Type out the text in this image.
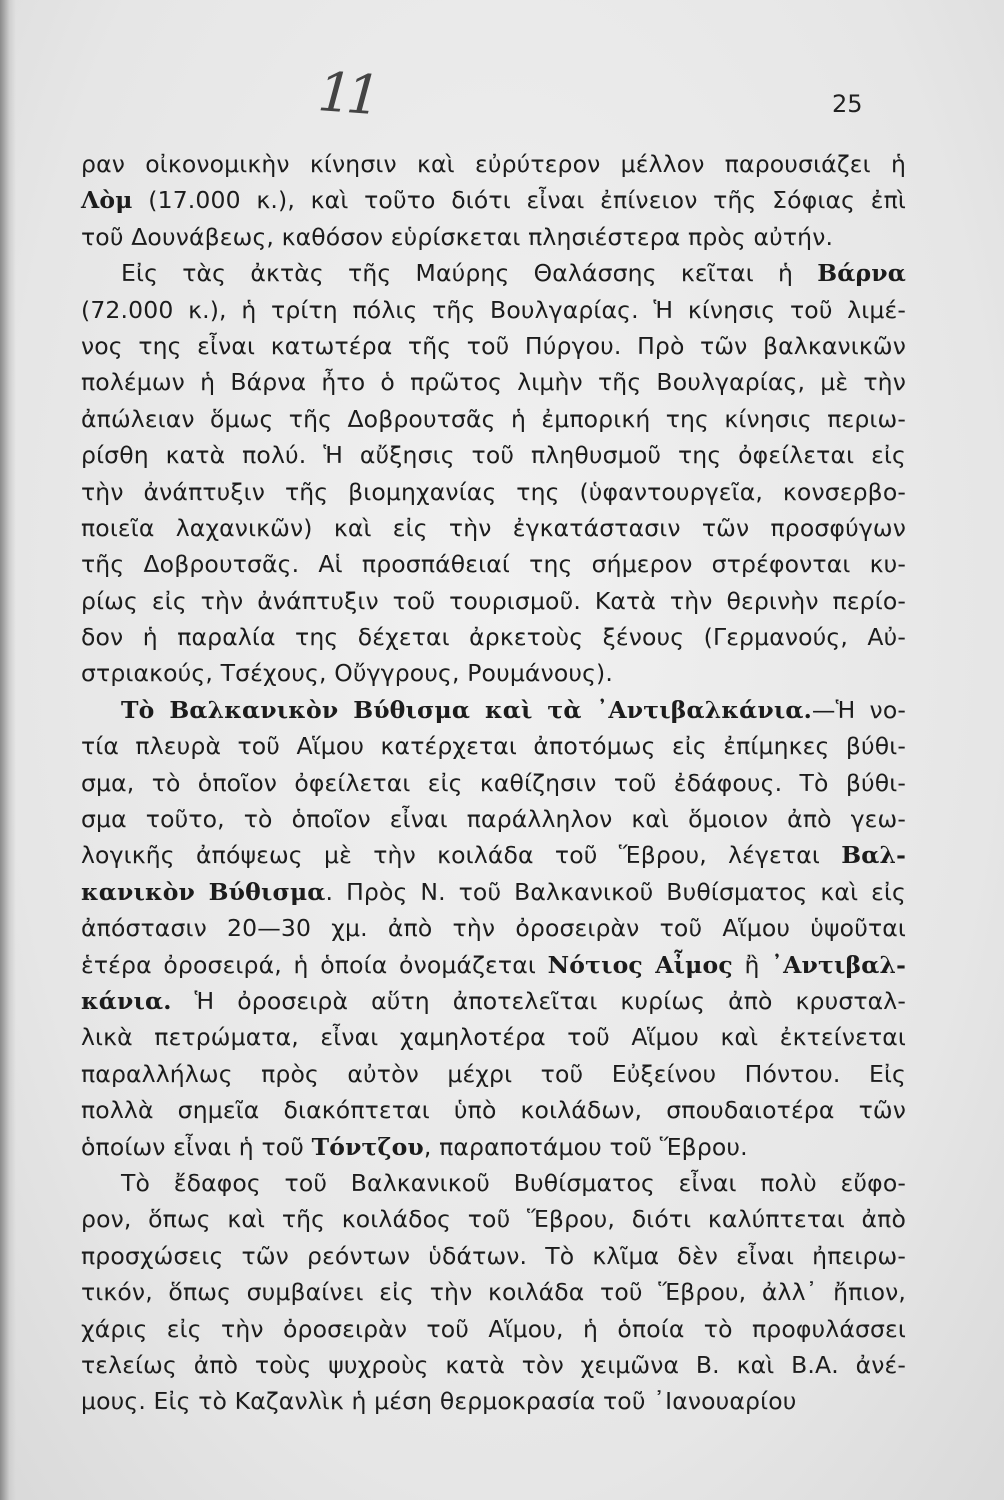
11	25
ραν οἰκονομικὴν κίνησιν καὶ εὐρύτερον μέλλον παρουσιάζει ἡ
Λὸμ (17.000 κ.), καὶ τοῦτο διότι εἶναι ἐπίνειον τῆς Σόφιας ἐπὶ
τοῦ Δουνάβεως, καθόσον εὑρίσκεται πλησιέστερα πρὸς αὐτήν.
Εἰς τὰς ἀκτὰς τῆς Μαύρης Θαλάσσης κεῖται ἡ Βάρνα
(72.000 κ.), ἡ τρίτη πόλις τῆς Βουλγαρίας. Ἡ κίνησις τοῦ λιμέ-
νος της εἶναι κατωτέρα τῆς τοῦ Πύργου. Πρὸ τῶν βαλκανικῶν
πολέμων ἡ Βάρνα ἦτο ὁ πρῶτος λιμὴν τῆς Βουλγαρίας, μὲ τὴν
ἀπώλειαν ὅμως τῆς Δοβρουτσᾶς ἡ ἐμπορική της κίνησις περιω-
ρίσθη κατὰ πολύ. Ἡ αὔξησις τοῦ πληθυσμοῦ της ὀφείλεται εἰς
τὴν ἀνάπτυξιν τῆς βιομηχανίας της (ὑφαντουργεῖα, κονσερβο-
ποιεῖα λαχανικῶν) καὶ εἰς τὴν ἐγκατάστασιν τῶν προσφύγων
τῆς Δοβρουτσᾶς. Αἱ προσπάθειαί της σήμερον στρέφονται κυ-
ρίως εἰς τὴν ἀνάπτυξιν τοῦ τουρισμοῦ. Κατὰ τὴν θερινὴν περίο-
δον ἡ παραλία της δέχεται ἀρκετοὺς ξένους (Γερμανούς, Αὐ-
στριακούς, Τσέχους, Οὔγγρους, Ρουμάνους).
Τὸ Βαλκανικὸν Βύθισμα καὶ τὰ ᾿Αντιβαλκάνια.—Ἡ νο-
τία πλευρὰ τοῦ Αἵμου κατέρχεται ἀποτόμως εἰς ἐπίμηκες βύθι-
σμα, τὸ ὁποῖον ὀφείλεται εἰς καθίζησιν τοῦ ἐδάφους. Τὸ βύθι-
σμα τοῦτο, τὸ ὁποῖον εἶναι παράλληλον καὶ ὅμοιον ἀπὸ γεω-
λογικῆς ἀπόψεως μὲ τὴν κοιλάδα τοῦ Ἕβρου, λέγεται Βαλ-
κανικὸν Βύθισμα. Πρὸς Ν. τοῦ Βαλκανικοῦ Βυθίσματος καὶ εἰς
ἀπόστασιν 20—30 χμ. ἀπὸ τὴν ὀροσειρὰν τοῦ Αἵμου ὑψοῦται
ἑτέρα ὀροσειρά, ἡ ὁποία ὀνομάζεται Νότιος Αἶμος ἢ ᾿Αντιβαλ-
κάνια. Ἡ ὀροσειρὰ αὕτη ἀποτελεῖται κυρίως ἀπὸ κρυσταλ-
λικὰ πετρώματα, εἶναι χαμηλοτέρα τοῦ Αἵμου καὶ ἐκτείνεται
παραλλήλως πρὸς αὐτὸν μέχρι τοῦ Εὐξείνου Πόντου. Εἰς
πολλὰ σημεῖα διακόπτεται ὑπὸ κοιλάδων, σπουδαιοτέρα τῶν
ὁποίων εἶναι ἡ τοῦ Τόντζου, παραποτάμου τοῦ Ἕβρου.
Τὸ ἔδαφος τοῦ Βαλκανικοῦ Βυθίσματος εἶναι πολὺ εὔφο-
ρον, ὅπως καὶ τῆς κοιλάδος τοῦ Ἕβρου, διότι καλύπτεται ἀπὸ
προσχώσεις τῶν ρεόντων ὑδάτων. Τὸ κλῖμα δὲν εἶναι ἠπειρω-
τικόν, ὅπως συμβαίνει εἰς τὴν κοιλάδα τοῦ Ἕβρου, ἀλλ᾿ ἤπιον,
χάρις εἰς τὴν ὀροσειρὰν τοῦ Αἵμου, ἡ ὁποία τὸ προφυλάσσει
τελείως ἀπὸ τοὺς ψυχροὺς κατὰ τὸν χειμῶνα Β. καὶ Β.Α. ἀνέ-
μους. Εἰς τὸ Καζανλὶκ ἡ μέση θερμοκρασία τοῦ ᾿Ιανουαρίου
